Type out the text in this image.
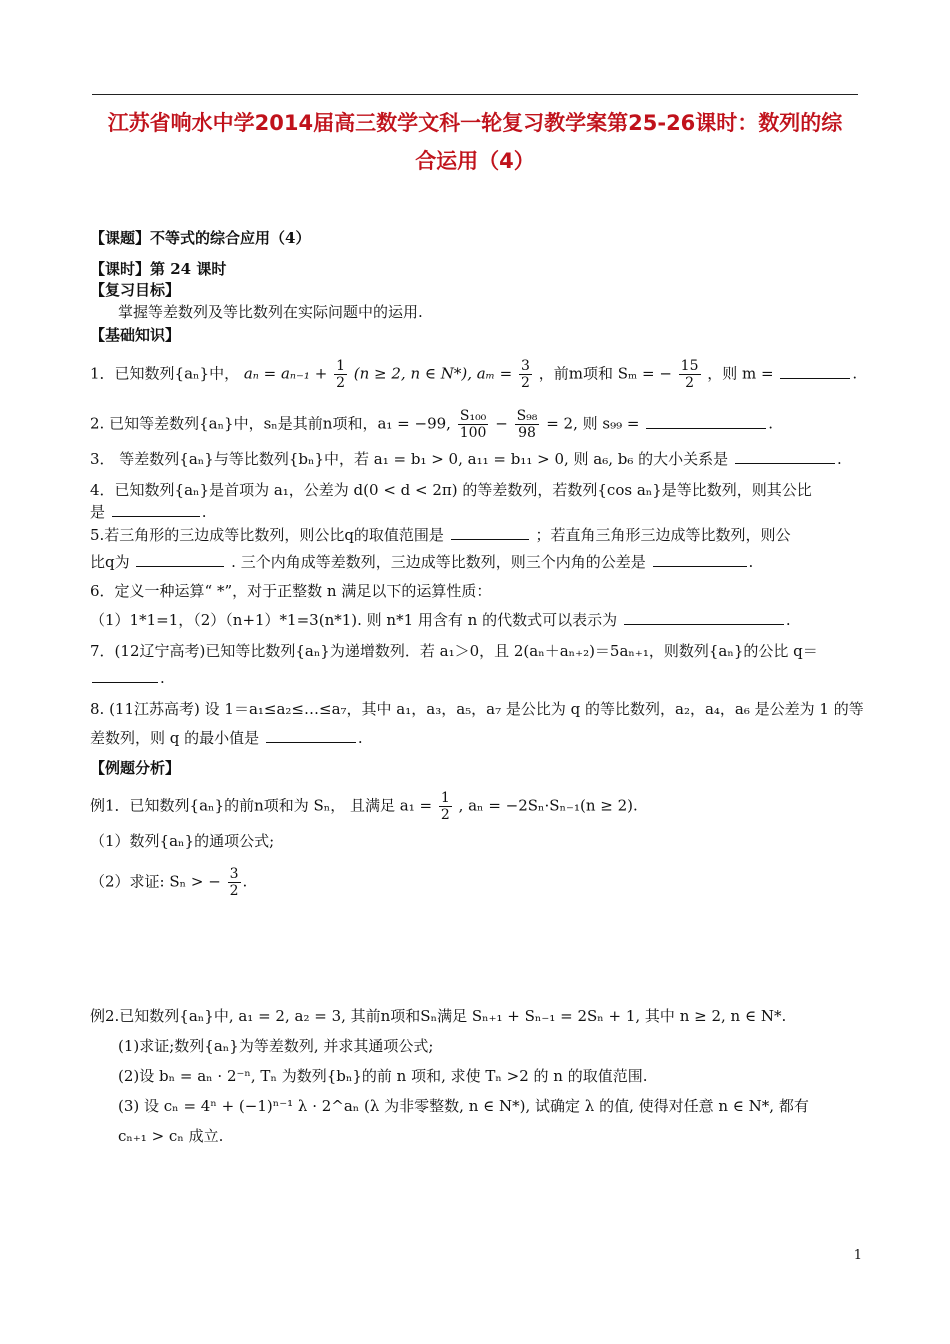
江苏省响水中学2014届高三数学文科一轮复习教学案第25-26课时：数列的综
合运用（4）
【课题】不等式的综合应用（4）
【课时】第 24 课时
【复习目标】
掌握等差数列及等比数列在实际问题中的运用.
【基础知识】
1．已知数列{aₙ}中， $a_n = a_{n-1} + \frac{1}{2} (n \ge 2$, n ∈ N*), $a_m = \frac{3}{2}$ ，前m项和 Sₘ = − $\frac{15}{2}$ ，则 m =	.
2. 已知等差数列{aₙ}中，sₙ是其前n项和，a₁ = −99, $\frac{\text{S₁₀₀}}{100} - \frac{\text{S₉₈}}{98} = 2$, 则 s₉₉ =	.
3． 等差数列{aₙ}与等比数列{bₙ}中，若 a₁ = b₁ > 0, a₁₁ = b₁₁ > 0, 则 a₆, b₆ 的大小关系是	.
4．已知数列{aₙ}是首项为 a₁，公差为 d(0 < d < 2π) 的等差数列，若数列{cos aₙ}是等比数列，则其公比
是	.
5.若三角形的三边成等比数列，则公比q的取值范围是	；若直角三角形三边成等比数列，则公
比q为	. 三个内角成等差数列，三边成等比数列，则三个内角的公差是	.
6．定义一种运算“ *”，对于正整数 n 满足以下的运算性质：
（1）1*1=1，（2）（n+1）*1=3(n*1). 则 n*1 用含有 n 的代数式可以表示为	.
7．(12辽宁高考)已知等比数列{aₙ}为递增数列．若 a₁＞0，且 2(aₙ＋aₙ₊₂)＝5aₙ₊₁，则数列{aₙ}的公比 q＝
.
8. (11江苏高考) 设 1＝a₁≤a₂≤…≤a₇，其中 a₁，a₃，a₅，a₇ 是公比为 q 的等比数列，a₂，a₄，a₆ 是公差为 1 的等
差数列，则 q 的最小值是	.
【例题分析】
例1．已知数列{aₙ}的前n项和为 Sₙ， 且满足 $a_1 = \frac{1}{2}$ , aₙ = −2Sₙ·Sₙ₋₁(n ≥ 2).
（1）数列{aₙ}的通项公式;
（2）求证: Sₙ > − $\frac{3}{2}$ .
例2.已知数列{aₙ}中, a₁ = 2, a₂ = 3, 其前n项和Sₙ满足 Sₙ₊₁ + Sₙ₋₁ = 2Sₙ + 1, 其中 n ≥ 2, n ∈ N*.
(1)求证;数列{aₙ}为等差数列, 并求其通项公式;
(2)设 bₙ = aₙ · 2⁻ⁿ, Tₙ 为数列{bₙ}的前 n 项和, 求使 Tₙ >2 的 n 的取值范围.
(3) 设 cₙ = 4ⁿ + (−1)ⁿ⁻¹ λ · 2^aₙ (λ 为非零整数, n ∈ N*), 试确定 λ 的值, 使得对任意 n ∈ N*, 都有
cₙ₊₁ > cₙ 成立.
1
